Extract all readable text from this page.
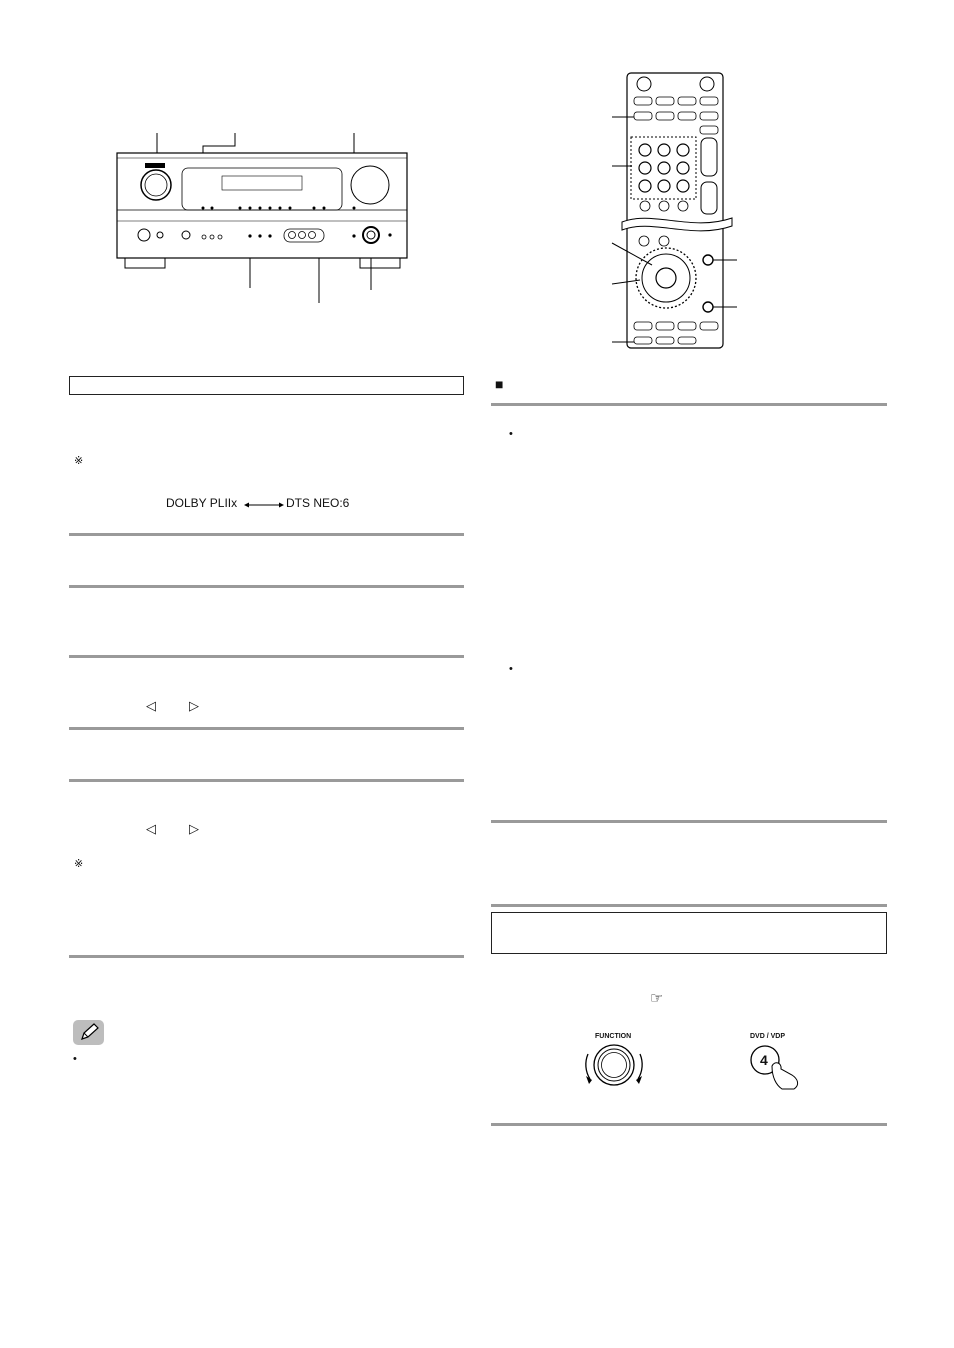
※
DOLBY PLIIx	DTS NEO:6
◁	▷
◁	▷
※
•
■
•
•
☞
FUNCTION	DVD / VDP
4
